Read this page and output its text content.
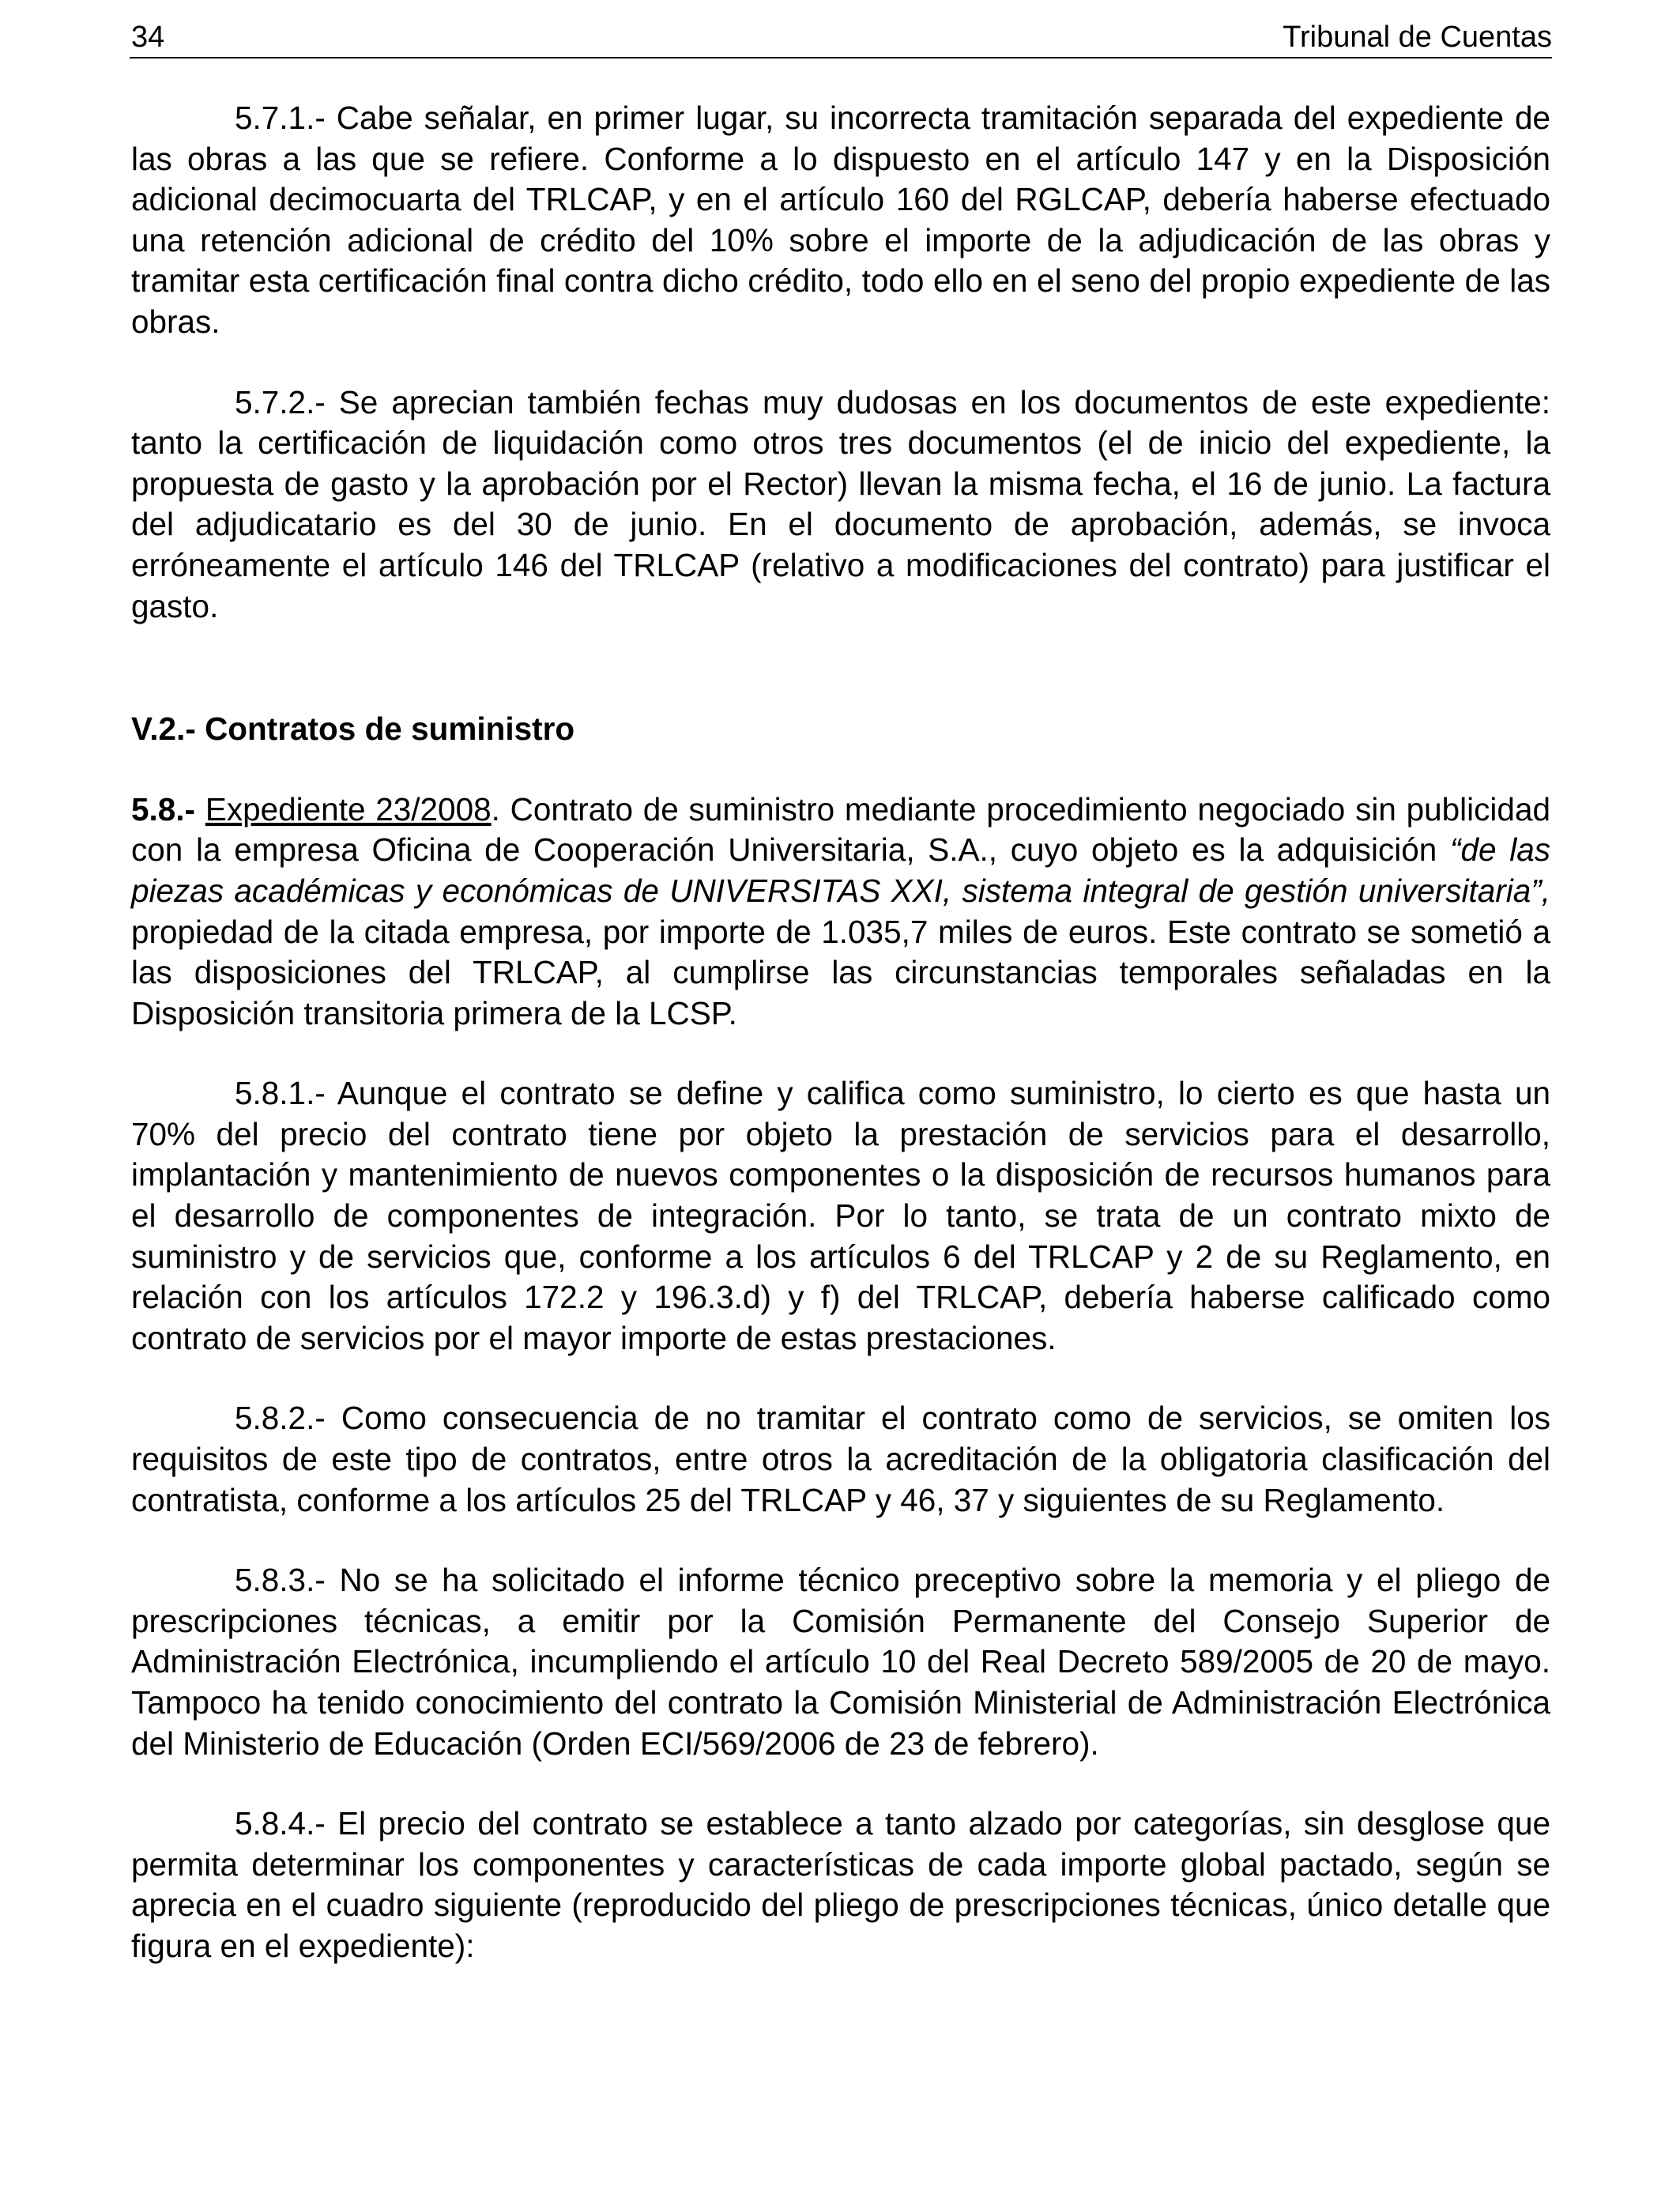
34	Tribunal de Cuentas

5.7.1.- Cabe señalar, en primer lugar, su incorrecta tramitación separada del expediente de las obras a las que se refiere. Conforme a lo dispuesto en el artículo 147 y en la Disposición adicional decimocuarta del TRLCAP, y en el artículo 160 del RGLCAP, debería haberse efectuado una retención adicional de crédito del 10% sobre el importe de la adjudicación de las obras y tramitar esta certificación final contra dicho crédito, todo ello en el seno del propio expediente de las obras.

5.7.2.- Se aprecian también fechas muy dudosas en los documentos de este expediente: tanto la certificación de liquidación como otros tres documentos (el de inicio del expediente, la propuesta de gasto y la aprobación por el Rector) llevan la misma fecha, el 16 de junio. La factura del adjudicatario es del 30 de junio. En el documento de aprobación, además, se invoca erróneamente el artículo 146 del TRLCAP (relativo a modificaciones del contrato) para justificar el gasto.

V.2.- Contratos de suministro

5.8.- Expediente 23/2008. Contrato de suministro mediante procedimiento negociado sin publicidad con la empresa Oficina de Cooperación Universitaria, S.A., cuyo objeto es la adquisición “de las piezas académicas y económicas de UNIVERSITAS XXI, sistema integral de gestión universitaria”, propiedad de la citada empresa, por importe de 1.035,7 miles de euros. Este contrato se sometió a las disposiciones del TRLCAP, al cumplirse las circunstancias temporales señaladas en la Disposición transitoria primera de la LCSP.

5.8.1.- Aunque el contrato se define y califica como suministro, lo cierto es que hasta un 70% del precio del contrato tiene por objeto la prestación de servicios para el desarrollo, implantación y mantenimiento de nuevos componentes o la disposición de recursos humanos para el desarrollo de componentes de integración. Por lo tanto, se trata de un contrato mixto de suministro y de servicios que, conforme a los artículos 6 del TRLCAP y 2 de su Reglamento, en relación con los artículos 172.2 y 196.3.d) y f) del TRLCAP, debería haberse calificado como contrato de servicios por el mayor importe de estas prestaciones.

5.8.2.- Como consecuencia de no tramitar el contrato como de servicios, se omiten los requisitos de este tipo de contratos, entre otros la acreditación de la obligatoria clasificación del contratista, conforme a los artículos 25 del TRLCAP y 46, 37 y siguientes de su Reglamento.

5.8.3.- No se ha solicitado el informe técnico preceptivo sobre la memoria y el pliego de prescripciones técnicas, a emitir por la Comisión Permanente del Consejo Superior de Administración Electrónica, incumpliendo el artículo 10 del Real Decreto 589/2005 de 20 de mayo. Tampoco ha tenido conocimiento del contrato la Comisión Ministerial de Administración Electrónica del Ministerio de Educación (Orden ECI/569/2006 de 23 de febrero).

5.8.4.- El precio del contrato se establece a tanto alzado por categorías, sin desglose que permita determinar los componentes y características de cada importe global pactado, según se aprecia en el cuadro siguiente (reproducido del pliego de prescripciones técnicas, único detalle que figura en el expediente):
